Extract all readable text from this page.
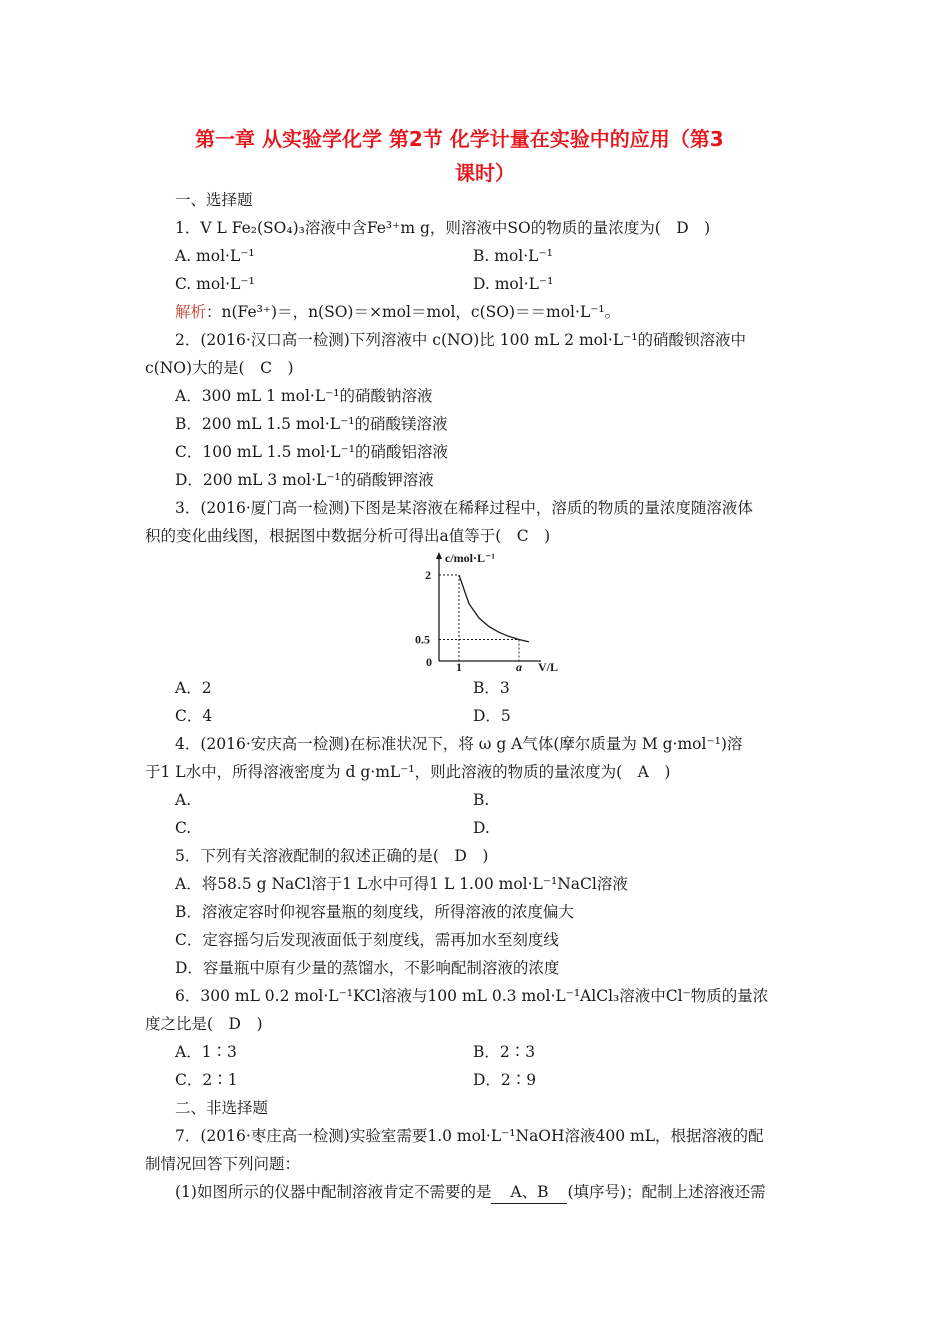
第一章 从实验学化学 第2节 化学计量在实验中的应用（第3
课时）
一、选择题
1．V L Fe₂(SO₄)₃溶液中含Fe³⁺m g，则溶液中SO的物质的量浓度为(　D　)
A. mol·L⁻¹	B. mol·L⁻¹
C. mol·L⁻¹	D. mol·L⁻¹
解析：n(Fe³⁺)＝，n(SO)＝×mol＝mol，c(SO)＝＝mol·L⁻¹。
2．(2016·汉口高一检测)下列溶液中 c(NO)比 100 mL 2 mol·L⁻¹的硝酸钡溶液中
c(NO)大的是(　C　)
A．300 mL 1 mol·L⁻¹的硝酸钠溶液
B．200 mL 1.5 mol·L⁻¹的硝酸镁溶液
C．100 mL 1.5 mol·L⁻¹的硝酸铝溶液
D．200 mL 3 mol·L⁻¹的硝酸钾溶液
3．(2016·厦门高一检测)下图是某溶液在稀释过程中，溶质的物质的量浓度随溶液体
积的变化曲线图，根据图中数据分析可得出a值等于(　C　)
c/mol·L⁻¹
V/L
0
2
0.5
1	a
A．2	B．3
C．4	D．5
4．(2016·安庆高一检测)在标准状况下，将 ω g A气体(摩尔质量为 M g·mol⁻¹)溶
于1 L水中，所得溶液密度为 d g·mL⁻¹，则此溶液的物质的量浓度为(　A　)
A.	B.
C.	D.
5．下列有关溶液配制的叙述正确的是(　D　)
A．将58.5 g NaCl溶于1 L水中可得1 L 1.00 mol·L⁻¹NaCl溶液
B．溶液定容时仰视容量瓶的刻度线，所得溶液的浓度偏大
C．定容摇匀后发现液面低于刻度线，需再加水至刻度线
D．容量瓶中原有少量的蒸馏水，不影响配制溶液的浓度
6．300 mL 0.2 mol·L⁻¹KCl溶液与100 mL 0.3 mol·L⁻¹AlCl₃溶液中Cl⁻物质的量浓
度之比是(　D　)
A．1∶3	B．2∶3
C．2∶1	D．2∶9
二、非选择题
7．(2016·枣庄高一检测)实验室需要1.0 mol·L⁻¹NaOH溶液400 mL，根据溶液的配
制情况回答下列问题：
(1)如图所示的仪器中配制溶液肯定不需要的是 A、B (填序号)；配制上述溶液还需
